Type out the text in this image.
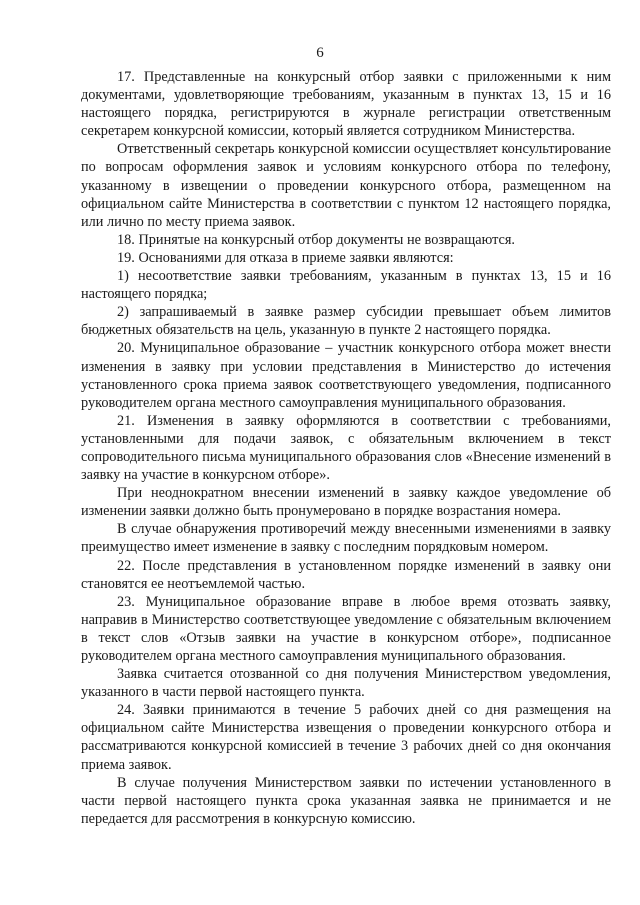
6

17. Представленные на конкурсный отбор заявки с приложенными к ним документами, удовлетворяющие требованиям, указанным в пунктах 13, 15 и 16 настоящего порядка, регистрируются в журнале регистрации ответственным секретарем конкурсной комиссии, который является сотрудником Министерства.

Ответственный секретарь конкурсной комиссии осуществляет консультирование по вопросам оформления заявок и условиям конкурсного отбора по телефону, указанному в извещении о проведении конкурсного отбора, размещенном на официальном сайте Министерства в соответствии с пунктом 12 настоящего порядка, или лично по месту приема заявок.

18. Принятые на конкурсный отбор документы не возвращаются.

19. Основаниями для отказа в приеме заявки являются:

1) несоответствие заявки требованиям, указанным в пунктах 13, 15 и 16 настоящего порядка;

2) запрашиваемый в заявке размер субсидии превышает объем лимитов бюджетных обязательств на цель, указанную в пункте 2 настоящего порядка.

20. Муниципальное образование – участник конкурсного отбора может внести изменения в заявку при условии представления в Министерство до истечения установленного срока приема заявок соответствующего уведомления, подписанного руководителем органа местного самоуправления муниципального образования.

21. Изменения в заявку оформляются в соответствии с требованиями, установленными для подачи заявок, с обязательным включением в текст сопроводительного письма муниципального образования слов «Внесение изменений в заявку на участие в конкурсном отборе».

При неоднократном внесении изменений в заявку каждое уведомление об изменении заявки должно быть пронумеровано в порядке возрастания номера.

В случае обнаружения противоречий между внесенными изменениями в заявку преимущество имеет изменение в заявку с последним порядковым номером.

22. После представления в установленном порядке изменений в заявку они становятся ее неотъемлемой частью.

23. Муниципальное образование вправе в любое время отозвать заявку, направив в Министерство соответствующее уведомление с обязательным включением в текст слов «Отзыв заявки на участие в конкурсном отборе», подписанное руководителем органа местного самоуправления муниципального образования.

Заявка считается отозванной со дня получения Министерством уведомления, указанного в части первой настоящего пункта.

24. Заявки принимаются в течение 5 рабочих дней со дня размещения на официальном сайте Министерства извещения о проведении конкурсного отбора и рассматриваются конкурсной комиссией в течение 3 рабочих дней со дня окончания приема заявок.

В случае получения Министерством заявки по истечении установленного в части первой настоящего пункта срока указанная заявка не принимается и не передается для рассмотрения в конкурсную комиссию.
